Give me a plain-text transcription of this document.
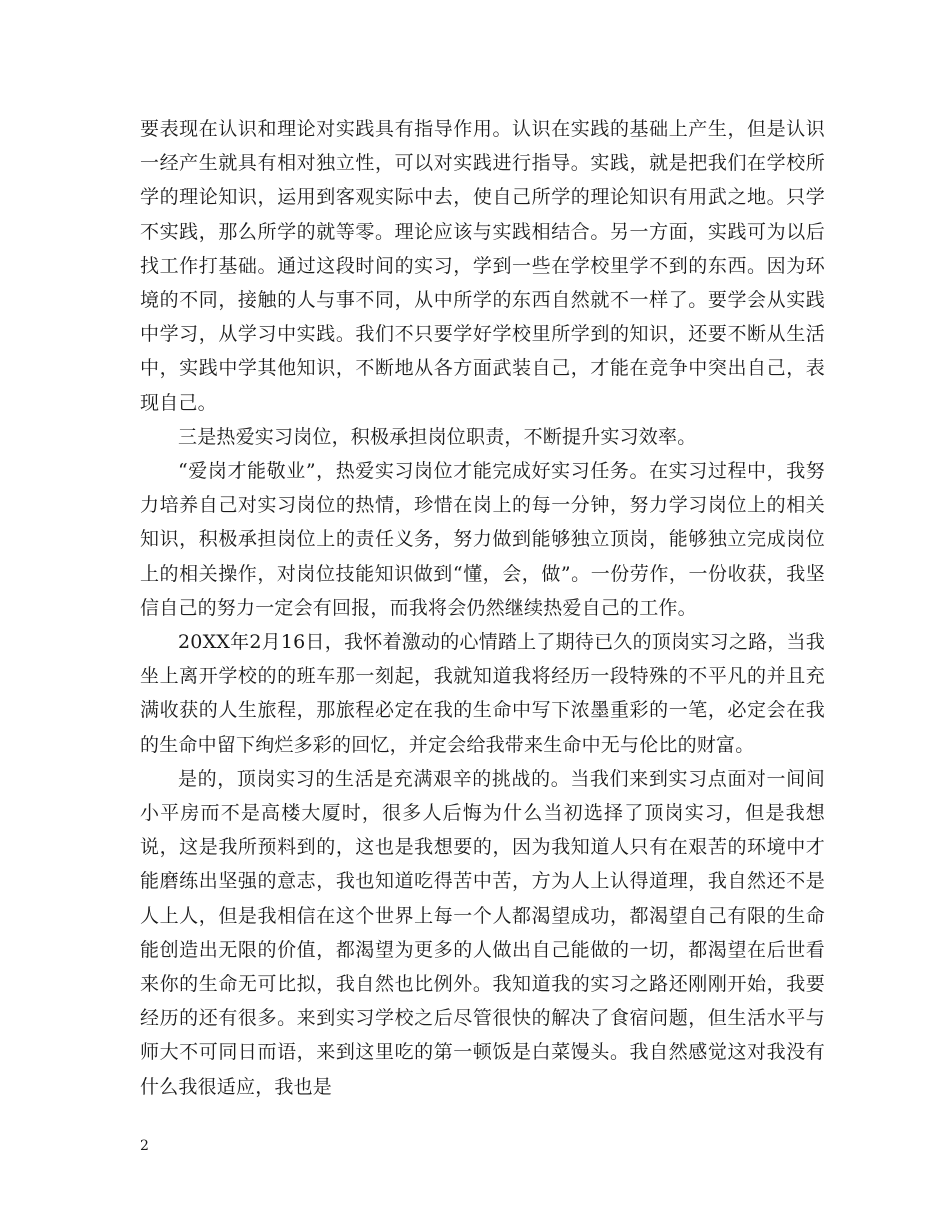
要表现在认识和理论对实践具有指导作用。认识在实践的基础上产生，但是认识一经产生就具有相对独立性，可以对实践进行指导。实践，就是把我们在学校所学的理论知识，运用到客观实际中去，使自己所学的理论知识有用武之地。只学不实践，那么所学的就等零。理论应该与实践相结合。另一方面，实践可为以后找工作打基础。通过这段时间的实习，学到一些在学校里学不到的东西。因为环境的不同，接触的人与事不同，从中所学的东西自然就不一样了。要学会从实践中学习，从学习中实践。我们不只要学好学校里所学到的知识，还要不断从生活中，实践中学其他知识，不断地从各方面武装自己，才能在竞争中突出自己，表现自己。

三是热爱实习岗位，积极承担岗位职责，不断提升实习效率。

“爱岗才能敬业”，热爱实习岗位才能完成好实习任务。在实习过程中，我努力培养自己对实习岗位的热情，珍惜在岗上的每一分钟，努力学习岗位上的相关知识，积极承担岗位上的责任义务，努力做到能够独立顶岗，能够独立完成岗位上的相关操作，对岗位技能知识做到“懂，会，做”。一份劳作，一份收获，我坚信自己的努力一定会有回报，而我将会仍然继续热爱自己的工作。

20XX年2月16日，我怀着激动的心情踏上了期待已久的顶岗实习之路，当我坐上离开学校的的班车那一刻起，我就知道我将经历一段特殊的不平凡的并且充满收获的人生旅程，那旅程必定在我的生命中写下浓墨重彩的一笔，必定会在我的生命中留下绚烂多彩的回忆，并定会给我带来生命中无与伦比的财富。

是的，顶岗实习的生活是充满艰辛的挑战的。当我们来到实习点面对一间间小平房而不是高楼大厦时，很多人后悔为什么当初选择了顶岗实习，但是我想说，这是我所预料到的，这也是我想要的，因为我知道人只有在艰苦的环境中才能磨练出坚强的意志，我也知道吃得苦中苦，方为人上认得道理，我自然还不是人上人，但是我相信在这个世界上每一个人都渴望成功，都渴望自己有限的生命能创造出无限的价值，都渴望为更多的人做出自己能做的一切，都渴望在后世看来你的生命无可比拟，我自然也比例外。我知道我的实习之路还刚刚开始，我要经历的还有很多。来到实习学校之后尽管很快的解决了食宿问题，但生活水平与师大不可同日而语，来到这里吃的第一顿饭是白菜馒头。我自然感觉这对我没有什么我很适应，我也是

2
